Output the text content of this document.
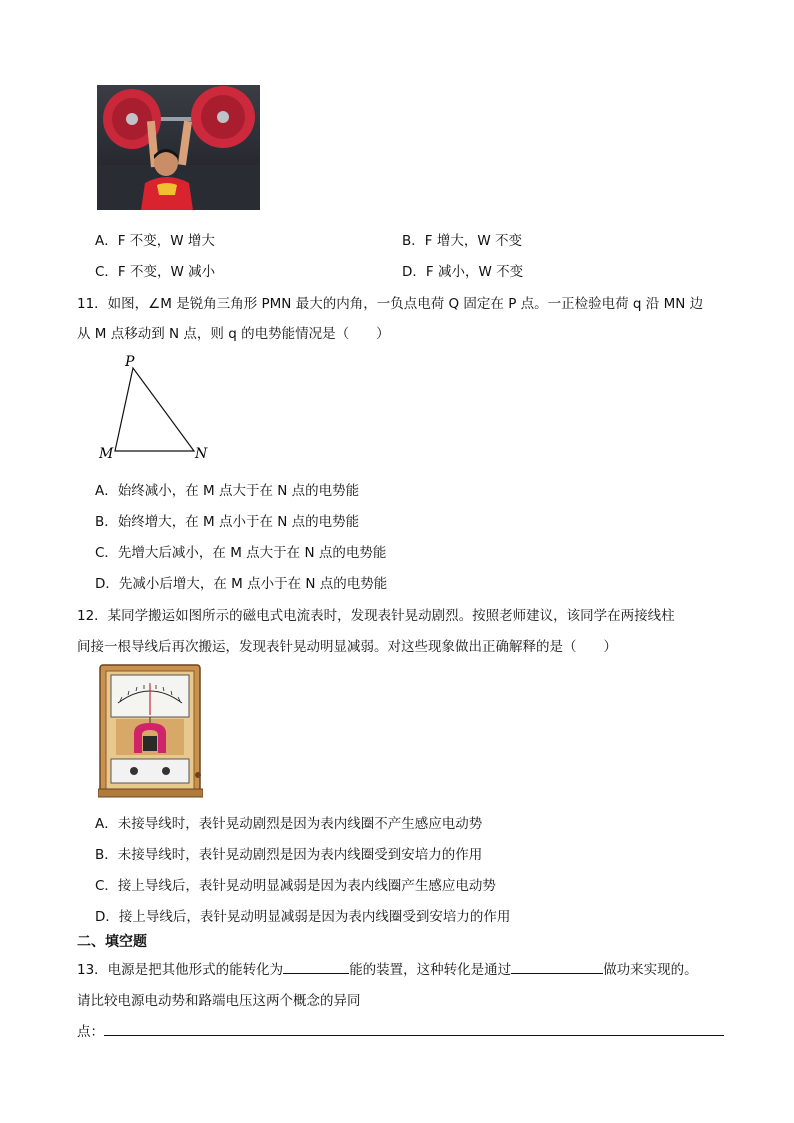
A．F 不变，W 增大	B．F 增大，W 不变
C．F 不变，W 减小	D．F 减小，W 不变
11．如图，∠M 是锐角三角形 PMN 最大的内角，一负点电荷 Q 固定在 P 点。一正检验电荷 q 沿 MN 边
从 M 点移动到 N 点，则 q 的电势能情况是（　　）
P
M	N
A．始终减小，在 M 点大于在 N 点的电势能
B．始终增大，在 M 点小于在 N 点的电势能
C．先增大后减小，在 M 点大于在 N 点的电势能
D．先减小后增大，在 M 点小于在 N 点的电势能
12．某同学搬运如图所示的磁电式电流表时，发现表针晃动剧烈。按照老师建议，该同学在两接线柱
间接一根导线后再次搬运，发现表针晃动明显减弱。对这些现象做出正确解释的是（　　）
A．未接导线时，表针晃动剧烈是因为表内线圈不产生感应电动势
B．未接导线时，表针晃动剧烈是因为表内线圈受到安培力的作用
C．接上导线后，表针晃动明显减弱是因为表内线圈产生感应电动势
D．接上导线后，表针晃动明显减弱是因为表内线圈受到安培力的作用
二、填空题
13．电源是把其他形式的能转化为	能的装置，这种转化是通过	做功来实现的。
请比较电源电动势和路端电压这两个概念的异同
点：
